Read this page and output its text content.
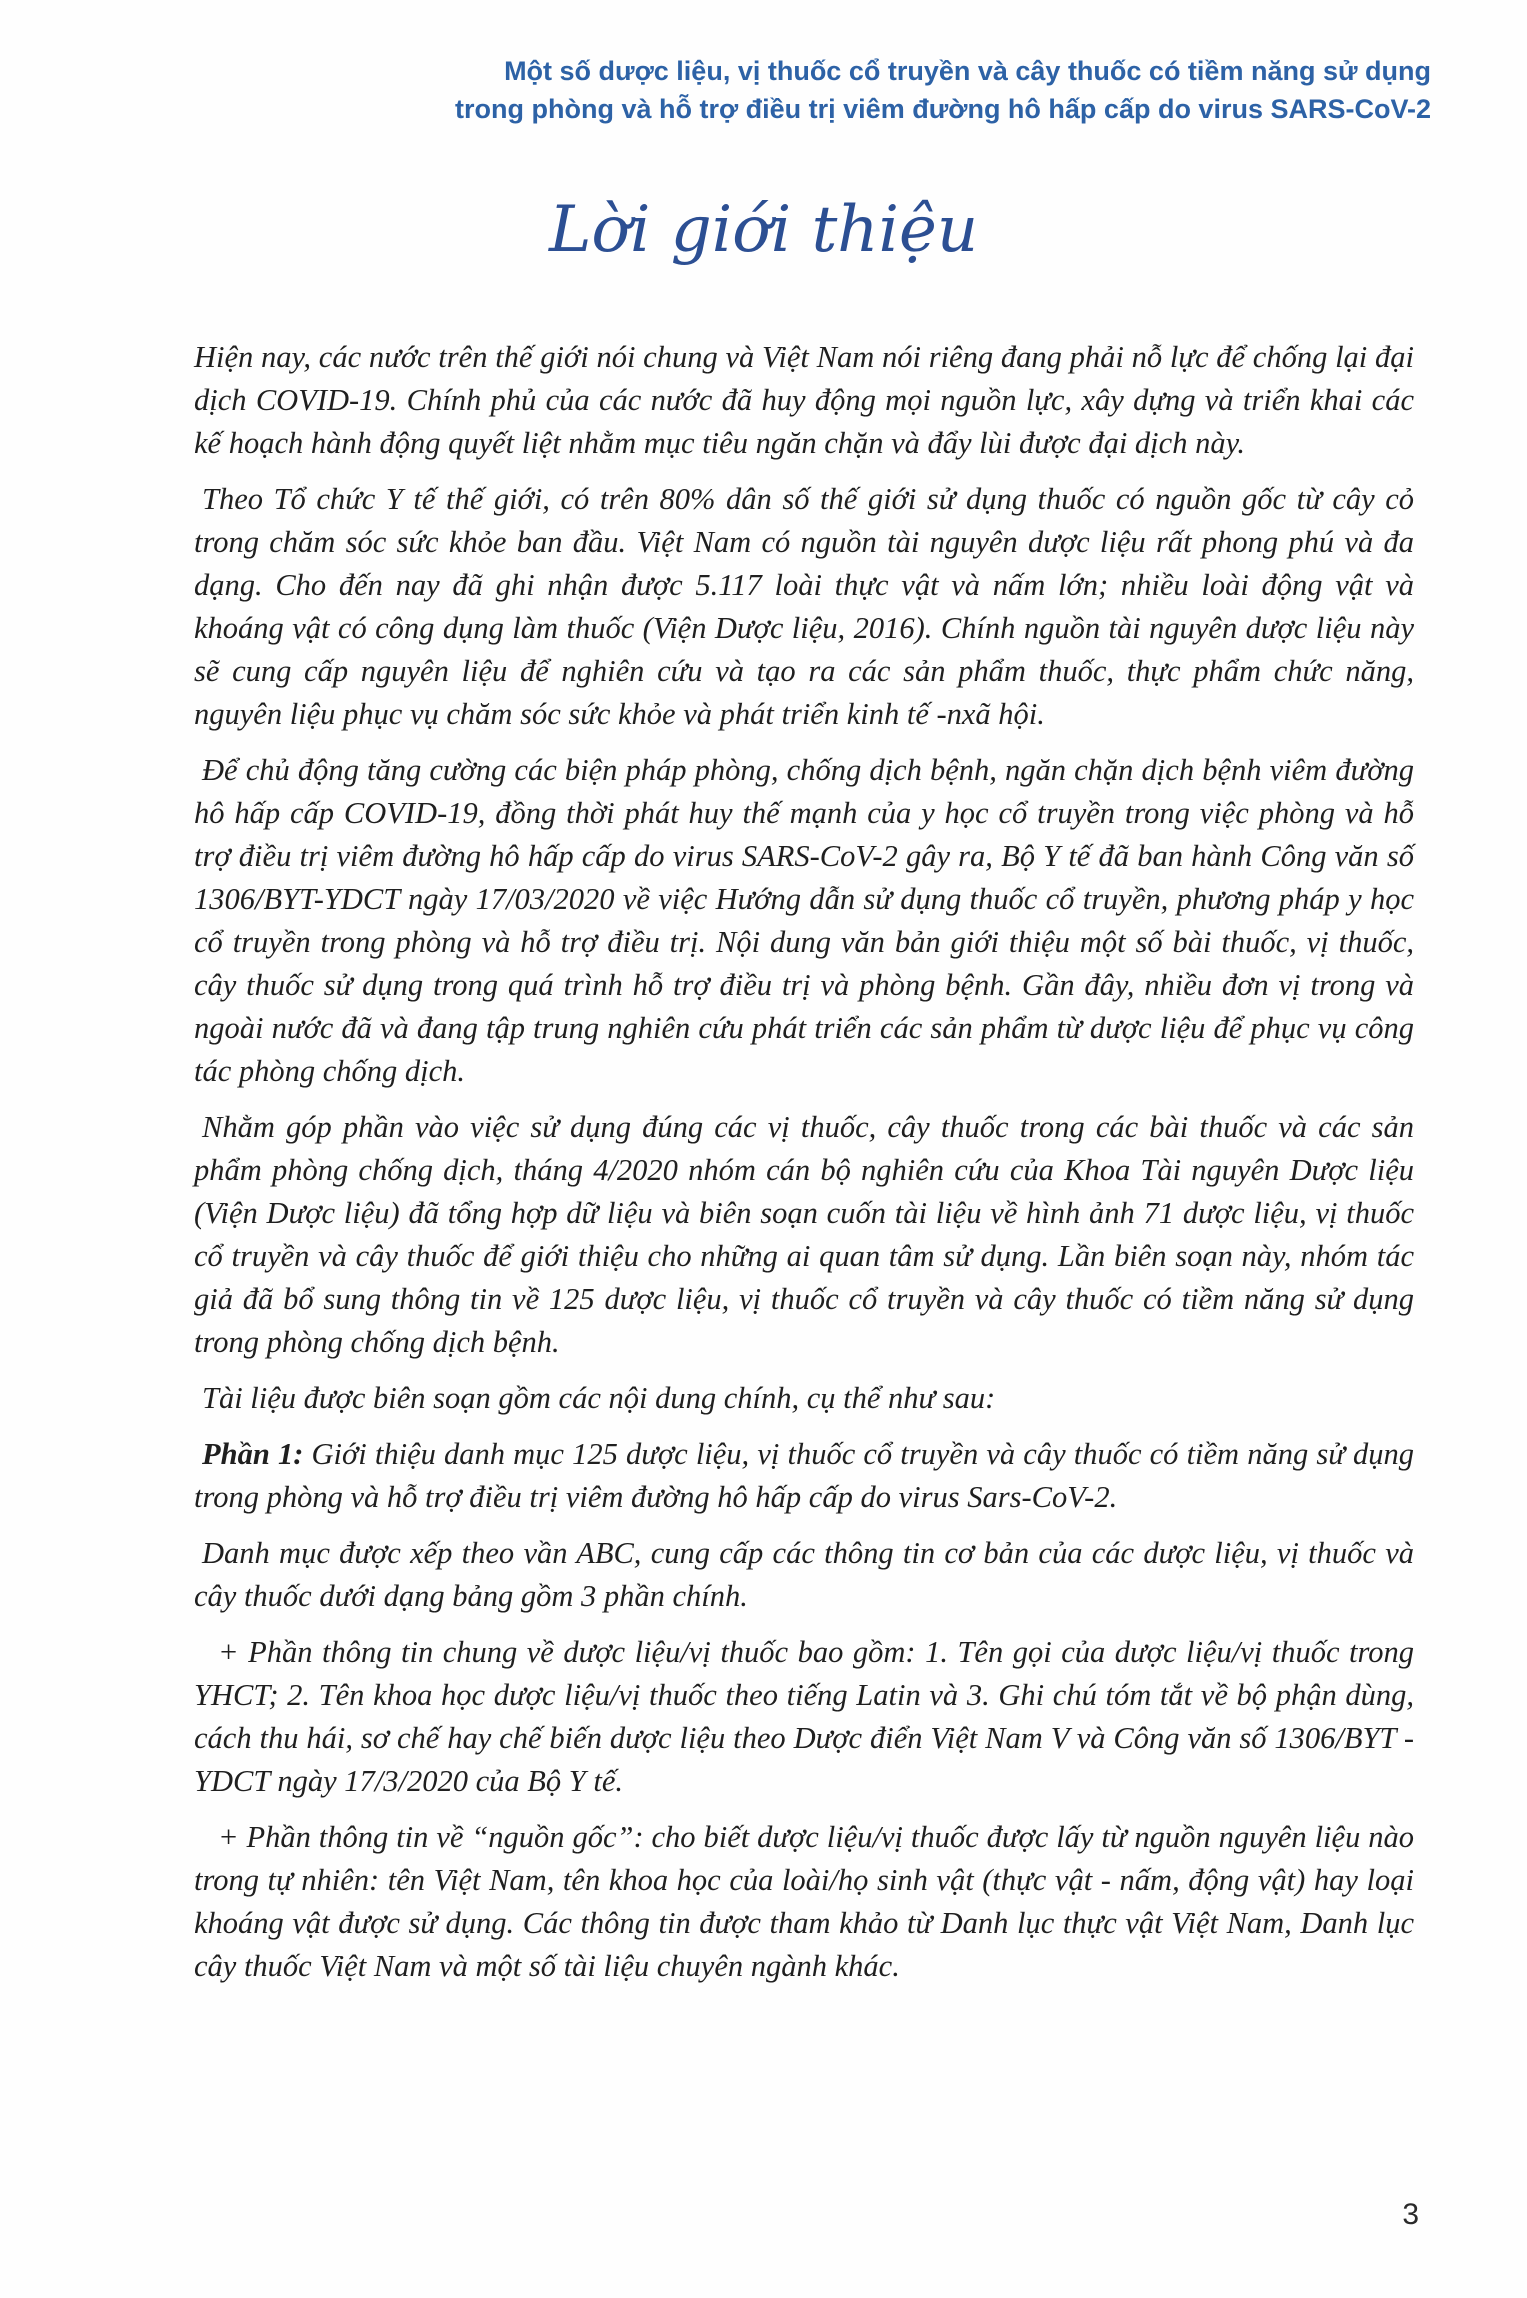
Một số dược liệu, vị thuốc cổ truyền và cây thuốc có tiềm năng sử dụng
trong phòng và hỗ trợ điều trị viêm đường hô hấp cấp do virus SARS-CoV-2
Lời giới thiệu

Hiện nay, các nước trên thế giới nói chung và Việt Nam nói riêng đang phải nỗ lực để chống lại đại dịch COVID-19. Chính phủ của các nước đã huy động mọi nguồn lực, xây dựng và triển khai các kế hoạch hành động quyết liệt nhằm mục tiêu ngăn chặn và đẩy lùi được đại dịch này.

Theo Tổ chức Y tế thế giới, có trên 80% dân số thế giới sử dụng thuốc có nguồn gốc từ cây cỏ trong chăm sóc sức khỏe ban đầu. Việt Nam có nguồn tài nguyên dược liệu rất phong phú và đa dạng. Cho đến nay đã ghi nhận được 5.117 loài thực vật và nấm lớn; nhiều loài động vật và khoáng vật có công dụng làm thuốc (Viện Dược liệu, 2016). Chính nguồn tài nguyên dược liệu này sẽ cung cấp nguyên liệu để nghiên cứu và tạo ra các sản phẩm thuốc, thực phẩm chức năng, nguyên liệu phục vụ chăm sóc sức khỏe và phát triển kinh tế -nxã hội.

Để chủ động tăng cường các biện pháp phòng, chống dịch bệnh, ngăn chặn dịch bệnh viêm đường hô hấp cấp COVID-19, đồng thời phát huy thế mạnh của y học cổ truyền trong việc phòng và hỗ trợ điều trị viêm đường hô hấp cấp do virus SARS-CoV-2 gây ra, Bộ Y tế đã ban hành Công văn số 1306/BYT-YDCT ngày 17/03/2020 về việc Hướng dẫn sử dụng thuốc cổ truyền, phương pháp y học cổ truyền trong phòng và hỗ trợ điều trị. Nội dung văn bản giới thiệu một số bài thuốc, vị thuốc, cây thuốc sử dụng trong quá trình hỗ trợ điều trị và phòng bệnh. Gần đây, nhiều đơn vị trong và ngoài nước đã và đang tập trung nghiên cứu phát triển các sản phẩm từ dược liệu để phục vụ công tác phòng chống dịch.

Nhằm góp phần vào việc sử dụng đúng các vị thuốc, cây thuốc trong các bài thuốc và các sản phẩm phòng chống dịch, tháng 4/2020 nhóm cán bộ nghiên cứu của Khoa Tài nguyên Dược liệu (Viện Dược liệu) đã tổng hợp dữ liệu và biên soạn cuốn tài liệu về hình ảnh 71 dược liệu, vị thuốc cổ truyền và cây thuốc để giới thiệu cho những ai quan tâm sử dụng. Lần biên soạn này, nhóm tác giả đã bổ sung thông tin về 125 dược liệu, vị thuốc cổ truyền và cây thuốc có tiềm năng sử dụng trong phòng chống dịch bệnh.

Tài liệu được biên soạn gồm các nội dung chính, cụ thể như sau:

Phần 1: Giới thiệu danh mục 125 dược liệu, vị thuốc cổ truyền và cây thuốc có tiềm năng sử dụng trong phòng và hỗ trợ điều trị viêm đường hô hấp cấp do virus Sars-CoV-2.

Danh mục được xếp theo vần ABC, cung cấp các thông tin cơ bản của các dược liệu, vị thuốc và cây thuốc dưới dạng bảng gồm 3 phần chính.

+ Phần thông tin chung về dược liệu/vị thuốc bao gồm: 1. Tên gọi của dược liệu/vị thuốc trong YHCT; 2. Tên khoa học dược liệu/vị thuốc theo tiếng Latin và 3. Ghi chú tóm tắt về bộ phận dùng, cách thu hái, sơ chế hay chế biến dược liệu theo Dược điển Việt Nam V và Công văn số 1306/BYT - YDCT ngày 17/3/2020 của Bộ Y tế.

+ Phần thông tin về “nguồn gốc”: cho biết dược liệu/vị thuốc được lấy từ nguồn nguyên liệu nào trong tự nhiên: tên Việt Nam, tên khoa học của loài/họ sinh vật (thực vật - nấm, động vật) hay loại khoáng vật được sử dụng. Các thông tin được tham khảo từ Danh lục thực vật Việt Nam, Danh lục cây thuốc Việt Nam và một số tài liệu chuyên ngành khác.

3
